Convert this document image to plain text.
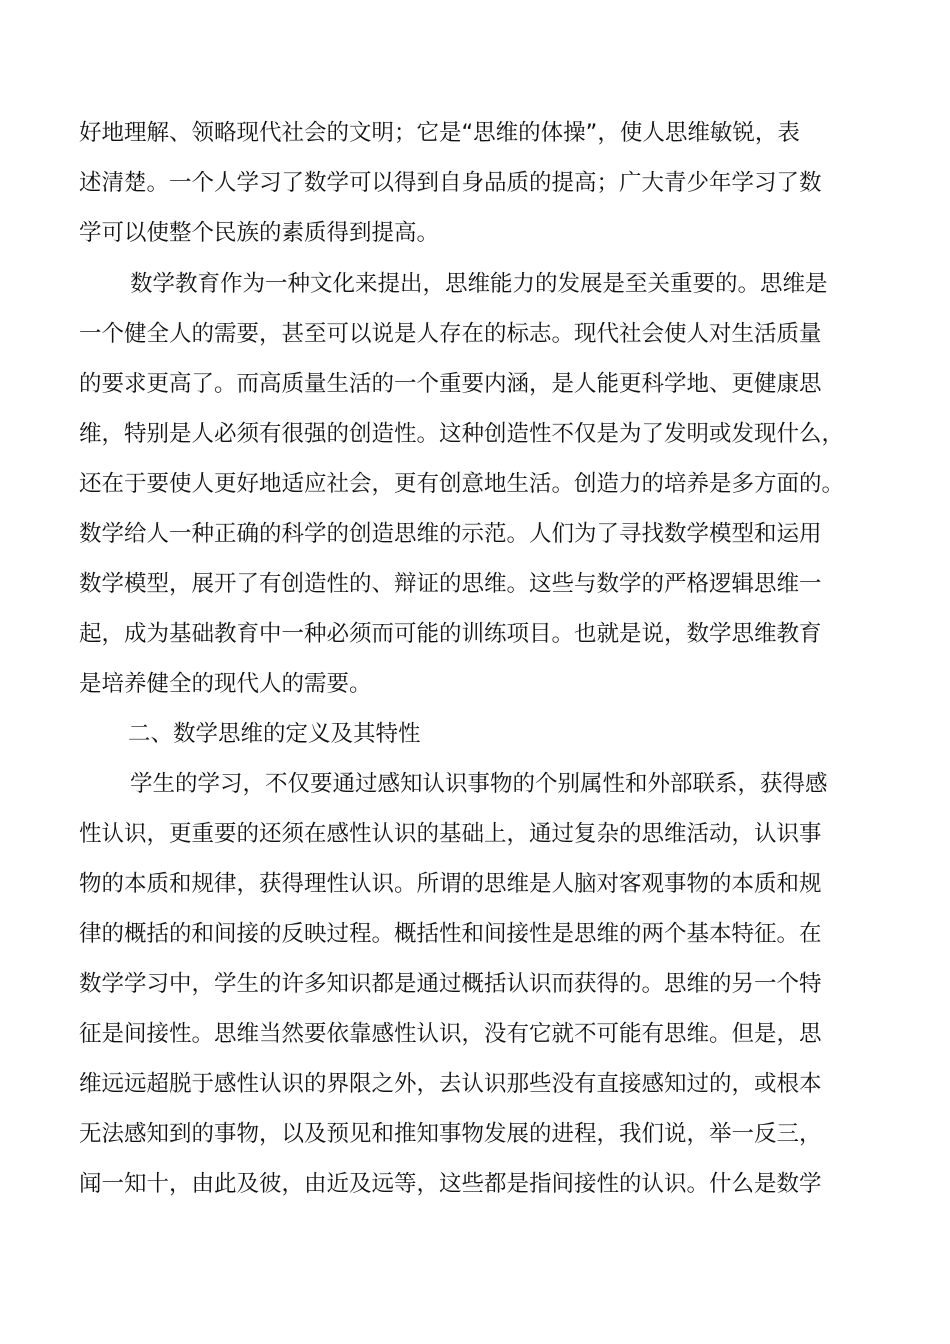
好地理解、领略现代社会的文明；它是“思维的体操”，使人思维敏锐，表
述清楚。一个人学习了数学可以得到自身品质的提高；广大青少年学习了数
学可以使整个民族的素质得到提高。
数学教育作为一种文化来提出，思维能力的发展是至关重要的。思维是
一个健全人的需要，甚至可以说是人存在的标志。现代社会使人对生活质量
的要求更高了。而高质量生活的一个重要内涵，是人能更科学地、更健康思
维，特别是人必须有很强的创造性。这种创造性不仅是为了发明或发现什么，
还在于要使人更好地适应社会，更有创意地生活。创造力的培养是多方面的。
数学给人一种正确的科学的创造思维的示范。人们为了寻找数学模型和运用
数学模型，展开了有创造性的、辩证的思维。这些与数学的严格逻辑思维一
起，成为基础教育中一种必须而可能的训练项目。也就是说，数学思维教育
是培养健全的现代人的需要。
二、数学思维的定义及其特性
学生的学习，不仅要通过感知认识事物的个别属性和外部联系，获得感
性认识，更重要的还须在感性认识的基础上，通过复杂的思维活动，认识事
物的本质和规律，获得理性认识。所谓的思维是人脑对客观事物的本质和规
律的概括的和间接的反映过程。概括性和间接性是思维的两个基本特征。在
数学学习中，学生的许多知识都是通过概括认识而获得的。思维的另一个特
征是间接性。思维当然要依靠感性认识，没有它就不可能有思维。但是，思
维远远超脱于感性认识的界限之外，去认识那些没有直接感知过的，或根本
无法感知到的事物，以及预见和推知事物发展的进程，我们说，举一反三，
闻一知十，由此及彼，由近及远等，这些都是指间接性的认识。什么是数学
